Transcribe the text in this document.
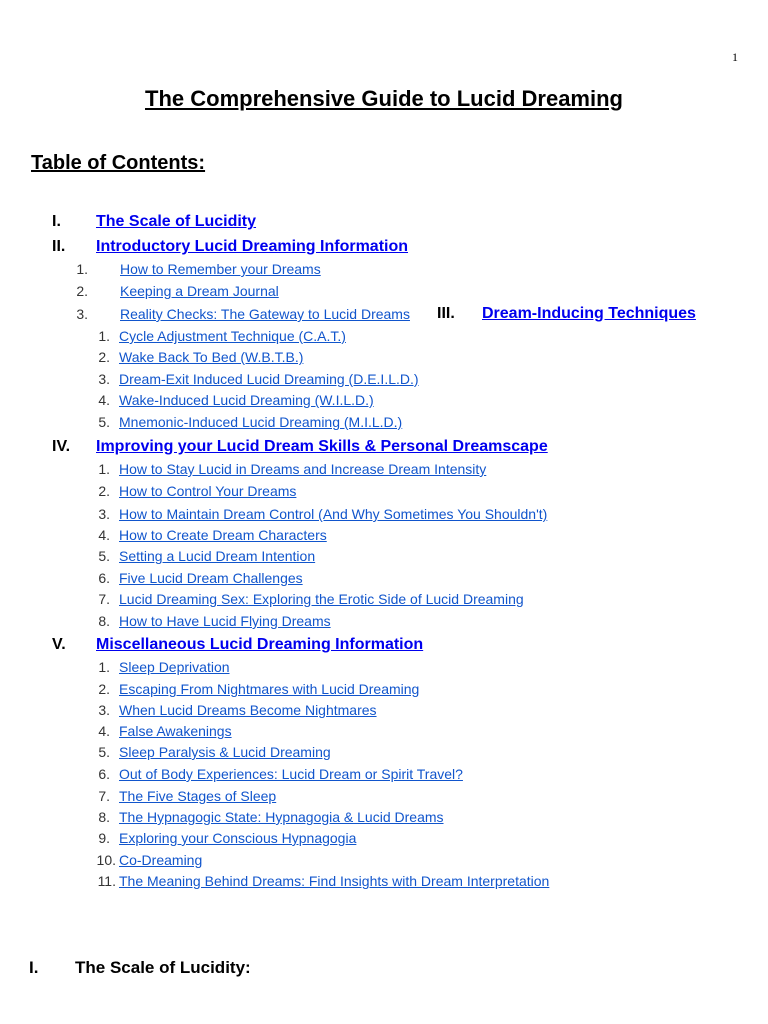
1
The Comprehensive Guide to Lucid Dreaming
Table of Contents:
I. The Scale of Lucidity
II. Introductory Lucid Dreaming Information
1. How to Remember your Dreams
2. Keeping a Dream Journal
3. Reality Checks: The Gateway to Lucid Dreams III. Dream-Inducing Techniques
1. Cycle Adjustment Technique (C.A.T.)
2. Wake Back To Bed (W.B.T.B.)
3. Dream-Exit Induced Lucid Dreaming (D.E.I.L.D.)
4. Wake-Induced Lucid Dreaming (W.I.L.D.)
5. Mnemonic-Induced Lucid Dreaming (M.I.L.D.)
IV. Improving your Lucid Dream Skills & Personal Dreamscape
1. How to Stay Lucid in Dreams and Increase Dream Intensity
2. How to Control Your Dreams
3. How to Maintain Dream Control (And Why Sometimes You Shouldn't)
4. How to Create Dream Characters
5. Setting a Lucid Dream Intention
6. Five Lucid Dream Challenges
7. Lucid Dreaming Sex: Exploring the Erotic Side of Lucid Dreaming
8. How to Have Lucid Flying Dreams
V. Miscellaneous Lucid Dreaming Information
1. Sleep Deprivation
2. Escaping From Nightmares with Lucid Dreaming
3. When Lucid Dreams Become Nightmares
4. False Awakenings
5. Sleep Paralysis & Lucid Dreaming
6. Out of Body Experiences: Lucid Dream or Spirit Travel?
7. The Five Stages of Sleep
8. The Hypnagogic State: Hypnagogia & Lucid Dreams
9. Exploring your Conscious Hypnagogia
10. Co-Dreaming
11. The Meaning Behind Dreams: Find Insights with Dream Interpretation
I. The Scale of Lucidity:
